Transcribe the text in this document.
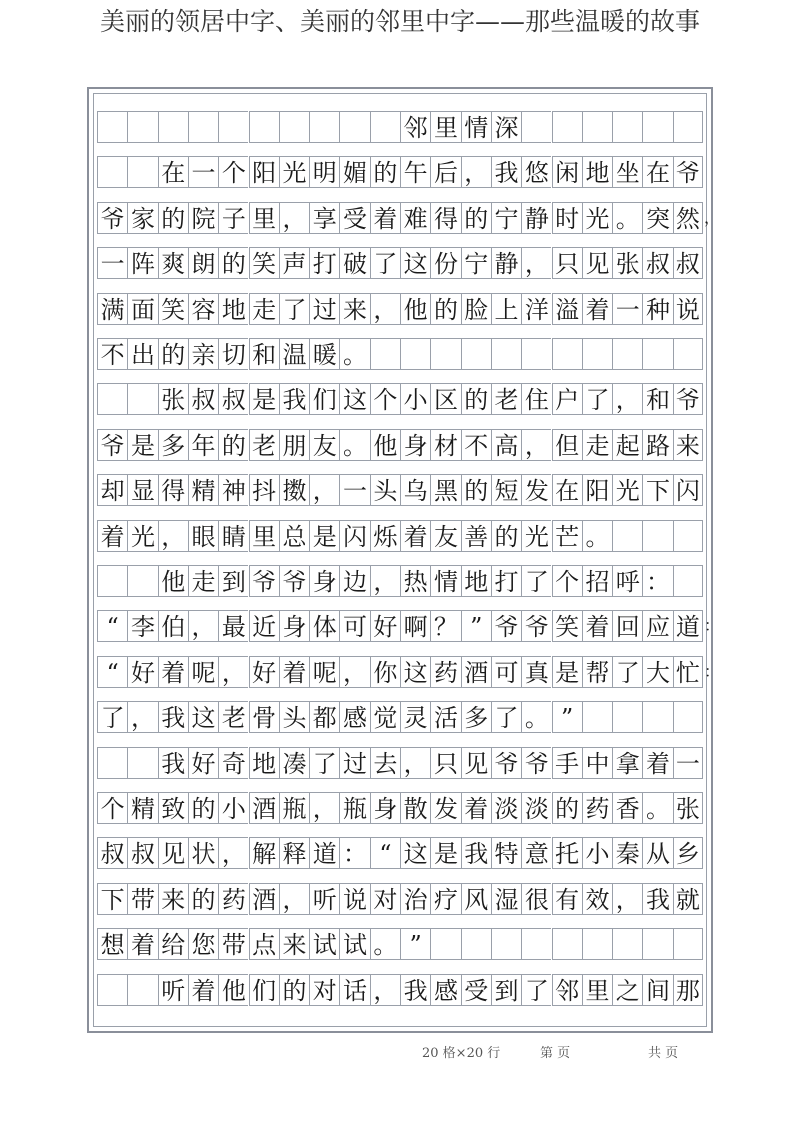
美丽的领居中字、美丽的邻里中字——那些温暖的故事
邻 里 情 深
在 一 个 阳 光 明 媚 的 午 后 ， 我 悠 闲 地 坐 在 爷
爷 家 的 院 子 里 ， 享 受 着 难 得 的 宁 静 时 光 。 突 然 ，
一 阵 爽 朗 的 笑 声 打 破 了 这 份 宁 静 ， 只 见 张 叔 叔
满 面 笑 容 地 走 了 过 来 ， 他 的 脸 上 洋 溢 着 一 种 说
不 出 的 亲 切 和 温 暖 。
张 叔 叔 是 我 们 这 个 小 区 的 老 住 户 了 ， 和 爷
爷 是 多 年 的 老 朋 友 。 他 身 材 不 高 ， 但 走 起 路 来
却 显 得 精 神 抖 擞 ， 一 头 乌 黑 的 短 发 在 阳 光 下 闪
着 光 ， 眼 睛 里 总 是 闪 烁 着 友 善 的 光 芒 。
他 走 到 爷 爷 身 边 ， 热 情 地 打 了 个 招 呼 ：
“ 李 伯 ， 最 近 身 体 可 好 啊 ？ ” 爷 爷 笑 着 回 应 道 ：
“ 好 着 呢 ， 好 着 呢 ， 你 这 药 酒 可 真 是 帮 了 大 忙 ：
了 ， 我 这 老 骨 头 都 感 觉 灵 活 多 了 。 ”
我 好 奇 地 凑 了 过 去 ， 只 见 爷 爷 手 中 拿 着 一
个 精 致 的 小 酒 瓶 ， 瓶 身 散 发 着 淡 淡 的 药 香 。 张
叔 叔 见 状 ， 解 释 道 ： “ 这 是 我 特 意 托 小 秦 从 乡
下 带 来 的 药 酒 ， 听 说 对 治 疗 风 湿 很 有 效 ， 我 就
想 着 给 您 带 点 来 试 试 。 ”
听 着 他 们 的 对 话 ， 我 感 受 到 了 邻 里 之 间 那
20 格×20 行	第 页	共 页
